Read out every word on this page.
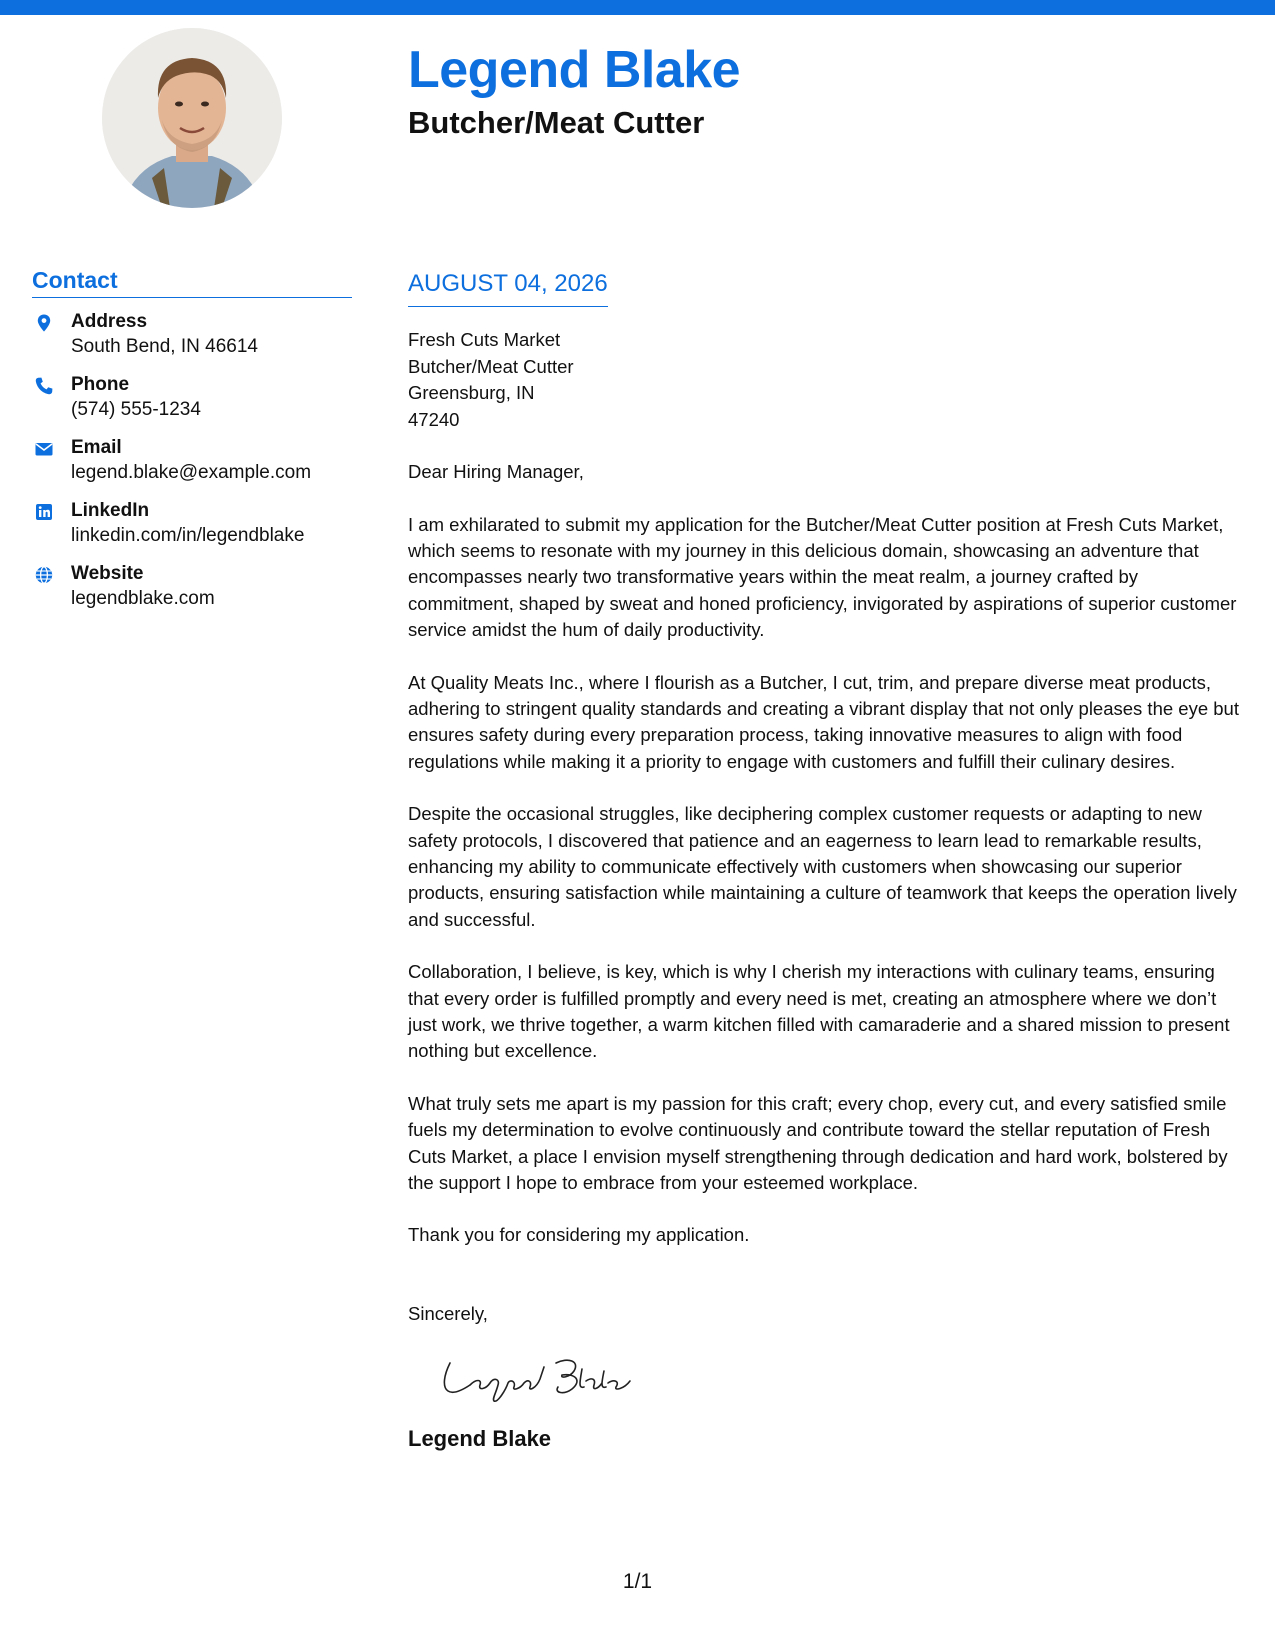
Legend Blake
Butcher/Meat Cutter
Contact
Address
South Bend, IN 46614
Phone
(574) 555-1234
Email
legend.blake@example.com
LinkedIn
linkedin.com/in/legendblake
Website
legendblake.com
AUGUST 04, 2026
Fresh Cuts Market
Butcher/Meat Cutter
Greensburg, IN
47240
Dear Hiring Manager,

I am exhilarated to submit my application for the Butcher/Meat Cutter position at Fresh Cuts Market, which seems to resonate with my journey in this delicious domain, showcasing an adventure that encompasses nearly two transformative years within the meat realm, a journey crafted by commitment, shaped by sweat and honed proficiency, invigorated by aspirations of superior customer service amidst the hum of daily productivity.

At Quality Meats Inc., where I flourish as a Butcher, I cut, trim, and prepare diverse meat products, adhering to stringent quality standards and creating a vibrant display that not only pleases the eye but ensures safety during every preparation process, taking innovative measures to align with food regulations while making it a priority to engage with customers and fulfill their culinary desires.

Despite the occasional struggles, like deciphering complex customer requests or adapting to new safety protocols, I discovered that patience and an eagerness to learn lead to remarkable results, enhancing my ability to communicate effectively with customers when showcasing our superior products, ensuring satisfaction while maintaining a culture of teamwork that keeps the operation lively and successful.

Collaboration, I believe, is key, which is why I cherish my interactions with culinary teams, ensuring that every order is fulfilled promptly and every need is met, creating an atmosphere where we don’t just work, we thrive together, a warm kitchen filled with camaraderie and a shared mission to present nothing but excellence.

What truly sets me apart is my passion for this craft; every chop, every cut, and every satisfied smile fuels my determination to evolve continuously and contribute toward the stellar reputation of Fresh Cuts Market, a place I envision myself strengthening through dedication and hard work, bolstered by the support I hope to embrace from your esteemed workplace.

Thank you for considering my application.

Sincerely,
Legend Blake
1/1
